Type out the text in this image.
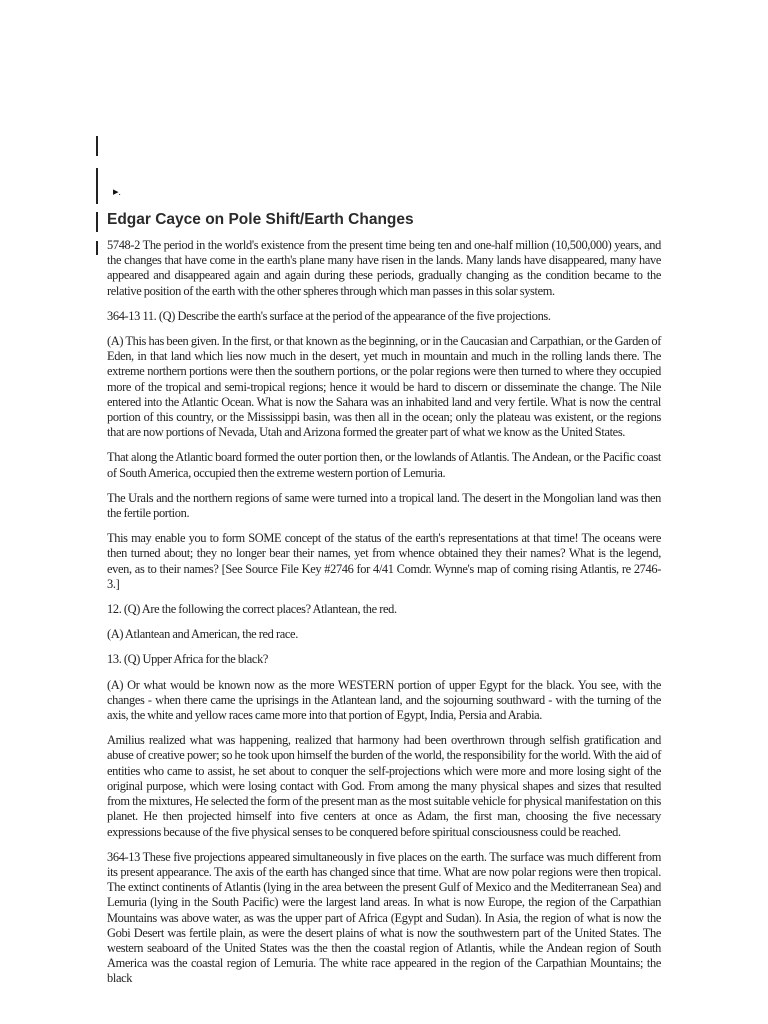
▸.
Edgar Cayce on Pole Shift/Earth Changes

5748-2 The period in the world's existence from the present time being ten and one-half million (10,500,000) years, and the changes that have come in the earth's plane many have risen in the lands. Many lands have disappeared, many have appeared and disappeared again and again during these periods, gradually changing as the condition became to the relative position of the earth with the other spheres through which man passes in this solar system.

364-13 11. (Q) Describe the earth's surface at the period of the appearance of the five projections.

(A) This has been given. In the first, or that known as the beginning, or in the Caucasian and Carpathian, or the Garden of Eden, in that land which lies now much in the desert, yet much in mountain and much in the rolling lands there. The extreme northern portions were then the southern portions, or the polar regions were then turned to where they occupied more of the tropical and semi-tropical regions; hence it would be hard to discern or disseminate the change. The Nile entered into the Atlantic Ocean. What is now the Sahara was an inhabited land and very fertile. What is now the central portion of this country, or the Mississippi basin, was then all in the ocean; only the plateau was existent, or the regions that are now portions of Nevada, Utah and Arizona formed the greater part of what we know as the United States.

That along the Atlantic board formed the outer portion then, or the lowlands of Atlantis. The Andean, or the Pacific coast of South America, occupied then the extreme western portion of Lemuria.

The Urals and the northern regions of same were turned into a tropical land. The desert in the Mongolian land was then the fertile portion.

This may enable you to form SOME concept of the status of the earth's representations at that time! The oceans were then turned about; they no longer bear their names, yet from whence obtained they their names? What is the legend, even, as to their names? [See Source File Key #2746 for 4/41 Comdr. Wynne's map of coming rising Atlantis, re 2746-3.]

12. (Q) Are the following the correct places? Atlantean, the red.

(A) Atlantean and American, the red race.

13. (Q) Upper Africa for the black?

(A) Or what would be known now as the more WESTERN portion of upper Egypt for the black. You see, with the changes - when there came the uprisings in the Atlantean land, and the sojourning southward - with the turning of the axis, the white and yellow races came more into that portion of Egypt, India, Persia and Arabia.

Amilius realized what was happening, realized that harmony had been overthrown through selfish gratification and abuse of creative power; so he took upon himself the burden of the world, the responsibility for the world. With the aid of entities who came to assist, he set about to conquer the self-projections which were more and more losing sight of the original purpose, which were losing contact with God. From among the many physical shapes and sizes that resulted from the mixtures, He selected the form of the present man as the most suitable vehicle for physical manifestation on this planet. He then projected himself into five centers at once as Adam, the first man, choosing the five necessary expressions because of the five physical senses to be conquered before spiritual consciousness could be reached.

364-13 These five projections appeared simultaneously in five places on the earth. The surface was much different from its present appearance. The axis of the earth has changed since that time. What are now polar regions were then tropical. The extinct continents of Atlantis (lying in the area between the present Gulf of Mexico and the Mediterranean Sea) and Lemuria (lying in the South Pacific) were the largest land areas. In what is now Europe, the region of the Carpathian Mountains was above water, as was the upper part of Africa (Egypt and Sudan). In Asia, the region of what is now the Gobi Desert was fertile plain, as were the desert plains of what is now the southwestern part of the United States. The western seaboard of the United States was the then the coastal region of Atlantis, while the Andean region of South America was the coastal region of Lemuria. The white race appeared in the region of the Carpathian Mountains; the black
